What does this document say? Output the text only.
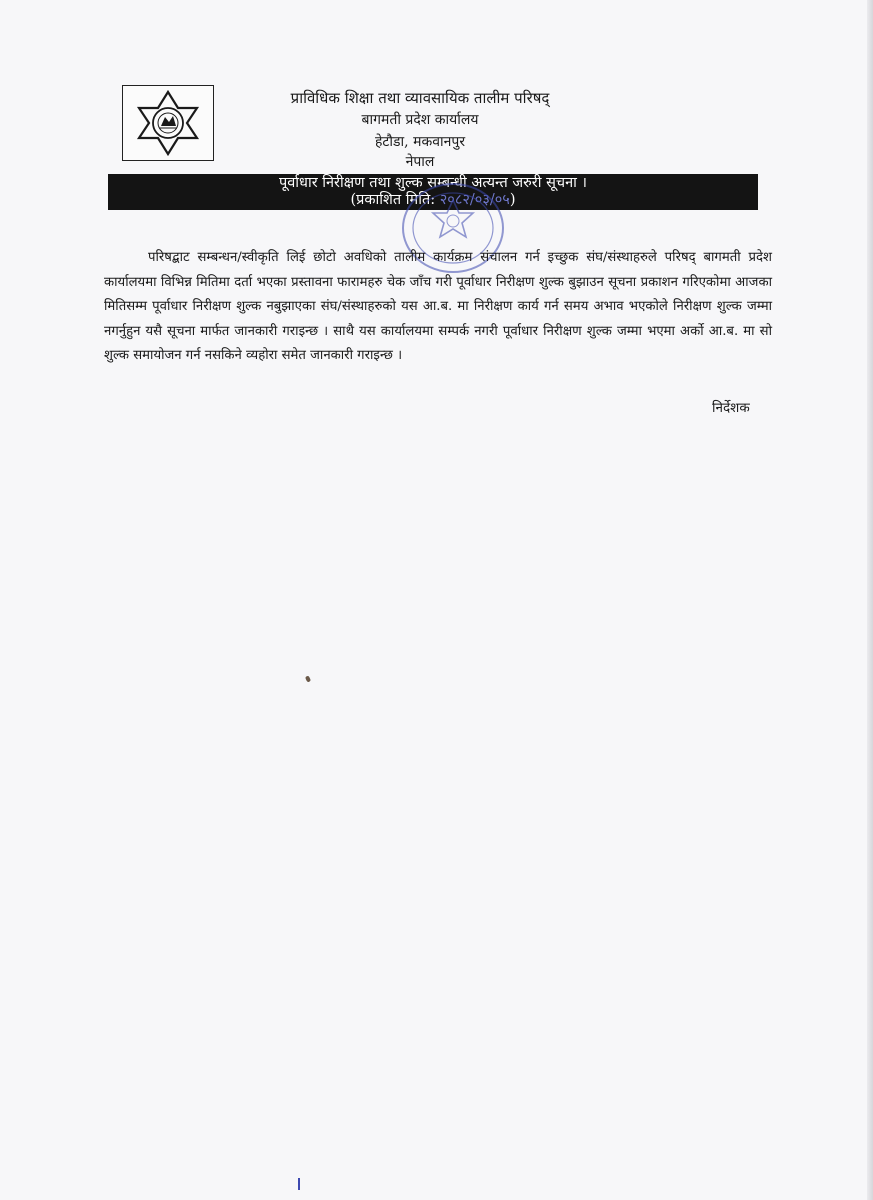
प्राविधिक शिक्षा तथा व्यावसायिक तालीम परिषद्
बागमती प्रदेश कार्यालय
हेटौडा, मकवानपुर
नेपाल
पूर्वाधार निरीक्षण तथा शुल्क सम्बन्धी अत्यन्त जरुरी सूचना ।
(प्रकाशित मिति: २०८२/०३/०५)

परिषद्बाट सम्बन्धन/स्वीकृति लिई छोटो अवधिको तालीम कार्यक्रम संचालन गर्न इच्छुक संघ/संस्थाहरुले परिषद् बागमती प्रदेश कार्यालयमा विभिन्न मितिमा दर्ता भएका प्रस्तावना फारामहरु चेक जाँच गरी पूर्वाधार निरीक्षण शुल्क बुझाउन सूचना प्रकाशन गरिएकोमा आजका मितिसम्म पूर्वाधार निरीक्षण शुल्क नबुझाएका संघ/संस्थाहरुको यस आ.ब. मा निरीक्षण कार्य गर्न समय अभाव भएकोले निरीक्षण शुल्क जम्मा नगर्नुहुन यसै सूचना मार्फत जानकारी गराइन्छ । साथै यस कार्यालयमा सम्पर्क नगरी पूर्वाधार निरीक्षण शुल्क जम्मा भएमा अर्को आ.ब. मा सो शुल्क समायोजन गर्न नसकिने व्यहोरा समेत जानकारी गराइन्छ ।

निर्देशक
